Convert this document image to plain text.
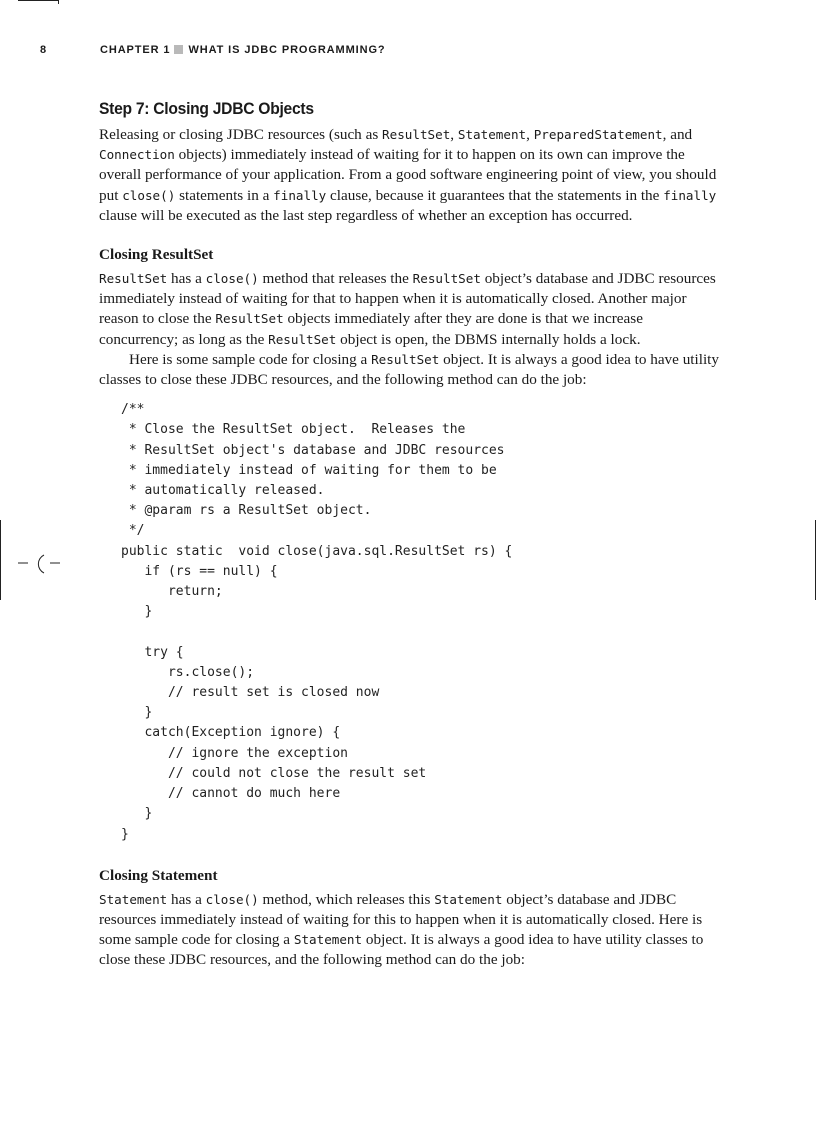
8	CHAPTER 1 WHAT IS JDBC PROGRAMMING?
Step 7: Closing JDBC Objects

Releasing or closing JDBC resources (such as ResultSet, Statement, PreparedStatement, and Connection objects) immediately instead of waiting for it to happen on its own can improve the overall performance of your application. From a good software engineering point of view, you should put close() statements in a finally clause, because it guarantees that the statements in the finally clause will be executed as the last step regardless of whether an exception has occurred.

Closing ResultSet

ResultSet has a close() method that releases the ResultSet object’s database and JDBC resources immediately instead of waiting for that to happen when it is automatically closed. Another major reason to close the ResultSet objects immediately after they are done is that we increase concurrency; as long as the ResultSet object is open, the DBMS internally holds a lock.

Here is some sample code for closing a ResultSet object. It is always a good idea to have utility classes to close these JDBC resources, and the following method can do the job:

/**
* Close the ResultSet object.  Releases the
* ResultSet object's database and JDBC resources
* immediately instead of waiting for them to be
* automatically released.
* @param rs a ResultSet object.
*/
public static  void close(java.sql.ResultSet rs) {
if (rs == null) {
return;
}

try {
rs.close();
// result set is closed now
}
catch(Exception ignore) {
// ignore the exception
// could not close the result set
// cannot do much here
}
}
Closing Statement

Statement has a close() method, which releases this Statement object’s database and JDBC resources immediately instead of waiting for this to happen when it is automatically closed. Here is some sample code for closing a Statement object. It is always a good idea to have utility classes to close these JDBC resources, and the following method can do the job:
